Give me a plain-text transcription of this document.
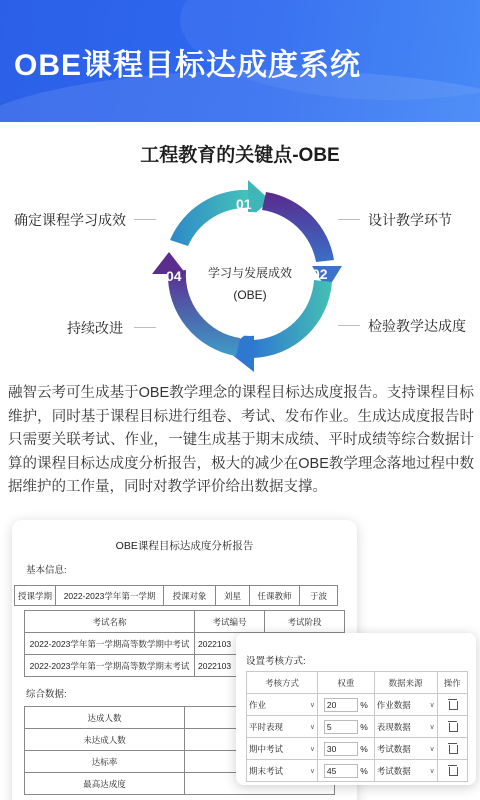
OBE课程目标达成度系统
工程教育的关键点-OBE
01
02
04	学习与发展成效
(OBE)
确定课程学习成效
持续改进
设计教学环节
检验教学达成度
融智云考可生成基于OBE教学理念的课程目标达成度报告。支持课程目标维护，同时基于课程目标进行组卷、考试、发布作业。生成达成度报告时只需要关联考试、作业，一键生成基于期末成绩、平时成绩等综合数据计算的课程目标达成度分析报告，极大的减少在OBE教学理念落地过程中数据维护的工作量，同时对教学评价给出数据支撑。
OBE课程目标达成度分析报告
基本信息:
综合数据:
授课学期	2022-2023学年第一学期	授课对象	刘星	任课教师	于波
考试名称	考试编号	考试阶段
2022-2023学年第一学期高等数学期中考试	2022103	
2022-2023学年第一学期高等数学期末考试	2022103	
达成人数	
未达成人数	
达标率	
最高达成度	
设置考核方式:
考核方式	权重	数据来源	操作

作业 ∨	20 %	作业数据 ∨	

平时表现 ∨	5 %	表现数据 ∨	

期中考试 ∨	30 %	考试数据 ∨	

期末考试 ∨	45 %	考试数据 ∨	
